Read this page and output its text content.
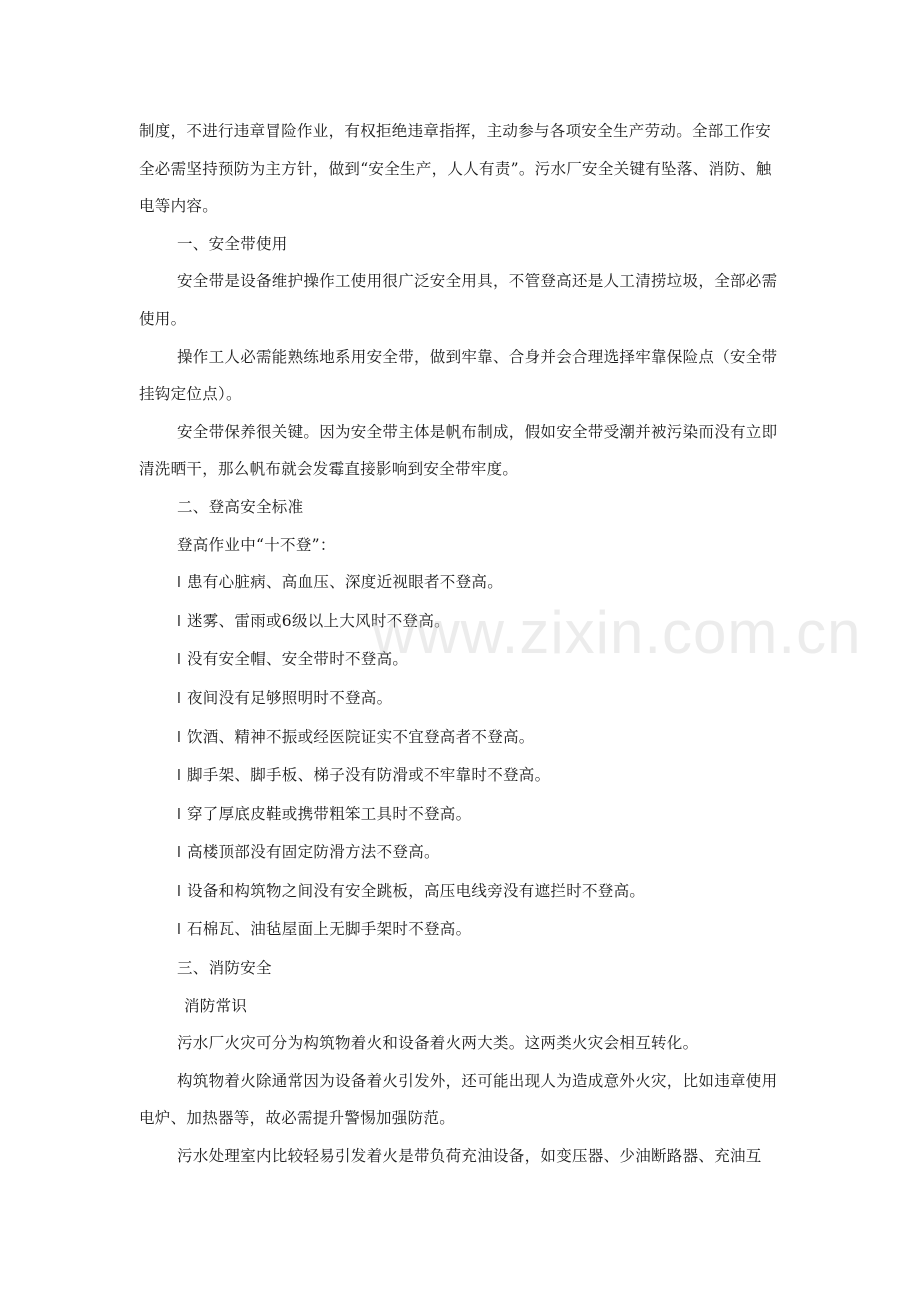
制度，不进行违章冒险作业，有权拒绝违章指挥，主动参与各项安全生产劳动。全部工作安全必需坚持预防为主方针，做到“安全生产，人人有责”。污水厂安全关键有坠落、消防、触电等内容。

一、安全带使用

安全带是设备维护操作工使用很广泛安全用具，不管登高还是人工清捞垃圾，全部必需使用。

操作工人必需能熟练地系用安全带，做到牢靠、合身并会合理选择牢靠保险点（安全带挂钩定位点）。

安全带保养很关键。因为安全带主体是帆布制成，假如安全带受潮并被污染而没有立即清洗晒干，那么帆布就会发霉直接影响到安全带牢度。

二、登高安全标准

登高作业中“十不登”：

l 患有心脏病、高血压、深度近视眼者不登高。

l 迷雾、雷雨或6级以上大风时不登高。

l 没有安全帽、安全带时不登高。

l 夜间没有足够照明时不登高。

l 饮酒、精神不振或经医院证实不宜登高者不登高。

l 脚手架、脚手板、梯子没有防滑或不牢靠时不登高。

l 穿了厚底皮鞋或携带粗笨工具时不登高。

l 高楼顶部没有固定防滑方法不登高。

l 设备和构筑物之间没有安全跳板，高压电线旁没有遮拦时不登高。

l 石棉瓦、油毡屋面上无脚手架时不登高。

三、消防安全

消防常识

污水厂火灾可分为构筑物着火和设备着火两大类。这两类火灾会相互转化。

构筑物着火除通常因为设备着火引发外，还可能出现人为造成意外火灾，比如违章使用电炉、加热器等，故必需提升警惕加强防范。

污水处理室内比较轻易引发着火是带负荷充油设备，如变压器、少油断路器、充油互

www.zixin.com.cn
